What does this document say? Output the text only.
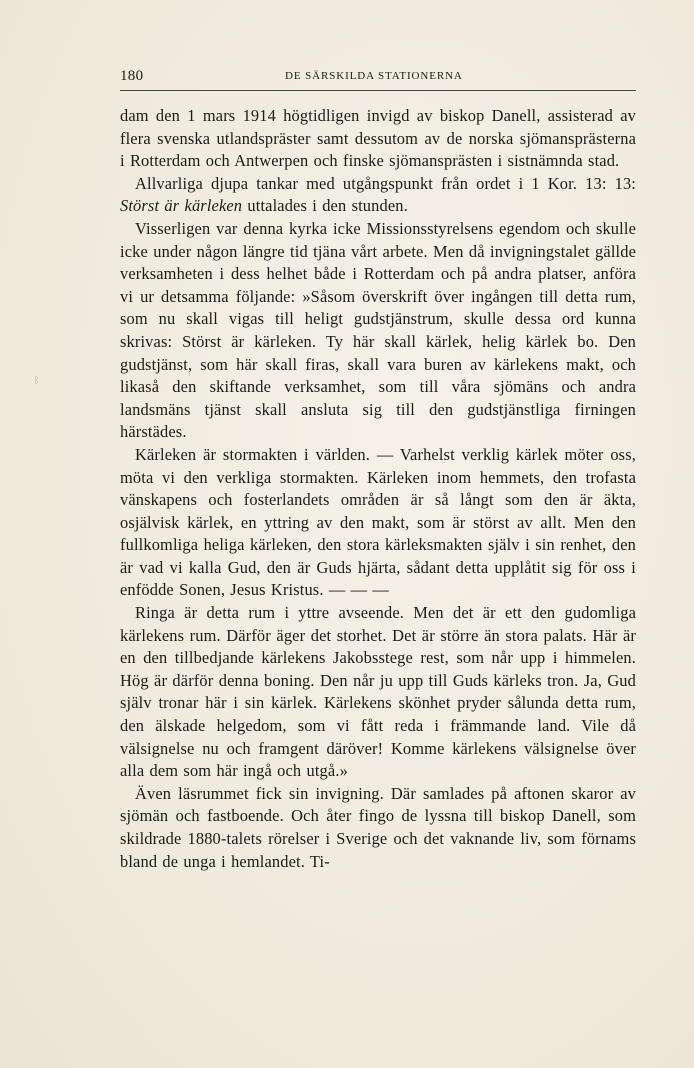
ᛒ
180	DE SÄRSKILDA STATIONERNA

dam den 1 mars 1914 högtidligen invigd av biskop Danell, assisterad av flera svenska utlandspräster samt dessutom av de norska sjömansprästerna i Rotterdam och Antwerpen och finske sjömansprästen i sistnämnda stad.

Allvarliga djupa tankar med utgångspunkt från ordet i 1 Kor. 13: 13: Störst är kärleken uttalades i den stunden.

Visserligen var denna kyrka icke Missionsstyrelsens egendom och skulle icke under någon längre tid tjäna vårt arbete. Men då invigningstalet gällde verksamheten i dess helhet både i Rotterdam och på andra platser, anföra vi ur detsamma följande: »Såsom överskrift över ingången till detta rum, som nu skall vigas till heligt gudstjänstrum, skulle dessa ord kunna skrivas: Störst är kärleken. Ty här skall kärlek, helig kärlek bo. Den gudstjänst, som här skall firas, skall vara buren av kärlekens makt, och likaså den skiftande verksamhet, som till våra sjömäns och andra landsmäns tjänst skall ansluta sig till den gudstjänstliga firningen härstädes.

Kärleken är stormakten i världen. — Varhelst verklig kärlek möter oss, möta vi den verkliga stormakten. Kärleken inom hemmets, den trofasta vänskapens och fosterlandets områden är så långt som den är äkta, osjälvisk kärlek, en yttring av den makt, som är störst av allt. Men den fullkomliga heliga kärleken, den stora kärleksmakten själv i sin renhet, den är vad vi kalla Gud, den är Guds hjärta, sådant detta upplåtit sig för oss i enfödde Sonen, Jesus Kristus. — — —

Ringa är detta rum i yttre avseende. Men det är ett den gudomliga kärlekens rum. Därför äger det storhet. Det är större än stora palats. Här är en den tillbedjande kärlekens Jakobsstege rest, som når upp i himmelen. Hög är därför denna boning. Den når ju upp till Guds kärleks tron. Ja, Gud själv tronar här i sin kärlek. Kärlekens skönhet pryder sålunda detta rum, den älskade helgedom, som vi fått reda i främmande land. Vile då välsignelse nu och framgent däröver! Komme kärlekens välsignelse över alla dem som här ingå och utgå.»

Även läsrummet fick sin invigning. Där samlades på aftonen skaror av sjömän och fastboende. Och åter fingo de lyssna till biskop Danell, som skildrade 1880-talets rörelser i Sverige och det vaknande liv, som förnams bland de unga i hemlandet. Ti-
